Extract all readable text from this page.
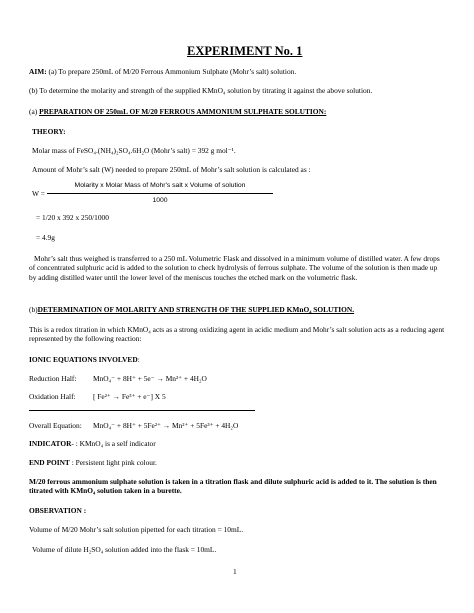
EXPERIMENT No. 1
AIM: (a) To prepare 250mL of M/20 Ferrous Ammonium Sulphate (Mohr’s salt) solution.
(b) To determine the molarity and strength of the supplied KMnO₄ solution by titrating it against the above solution.
(a) PREPARATION OF 250mL OF M/20 FERROUS AMMONIUM SULPHATE SOLUTION:
THEORY:
Molar mass of FeSO₄.(NH₄)₂SO₄.6H₂O (Mohr’s salt) = 392 g mol⁻¹.
Amount of Mohr’s salt (W) needed to prepare 250mL of Mohr’s salt solution is calculated as :
W =
Molarity x Molar Mass of Mohr's salt x Volume of solution
1000
= 1/20 x 392 x 250/1000
= 4.9g
Mohr’s salt thus weighed is transferred to a 250 mL Volumetric Flask and dissolved in a minimum volume of distilled water. A few drops of concentrated sulphuric acid is added to the solution to check hydrolysis of ferrous sulphate. The volume of the solution is then made up by adding distilled water until the lower level of the meniscus touches the etched mark on the volumetric flask.
(b)DETERMINATION OF MOLARITY AND STRENGTH OF THE SUPPLIED KMnO₄ SOLUTION.
This is a redox titration in which KMnO₄ acts as a strong oxidizing agent in acidic medium and Mohr’s salt solution acts as a reducing agent represented by the following reaction:
IONIC EQUATIONS INVOLVED:
Reduction Half: MnO₄⁻ + 8H⁺ + 5e⁻ → Mn²⁺ + 4H₂O
Oxidation Half: [ Fe²⁺ → Fe³⁺ + e⁻] X 5
Overall Equation: MnO₄⁻ + 8H⁺ + 5Fe²⁺ → Mn²⁺ + 5Fe³⁺ + 4H₂O
INDICATOR- : KMnO₄ is a self indicator
END POINT : Persistent light pink colour.
M/20 ferrous ammonium sulphate solution is taken in a titration flask and dilute sulphuric acid is added to it. The solution is then titrated with KMnO₄ solution taken in a burette.
OBSERVATION :
Volume of M/20 Mohr’s salt solution pipetted for each titration = 10mL.
Volume of dilute H₂SO₄ solution added into the flask = 10mL.
1
